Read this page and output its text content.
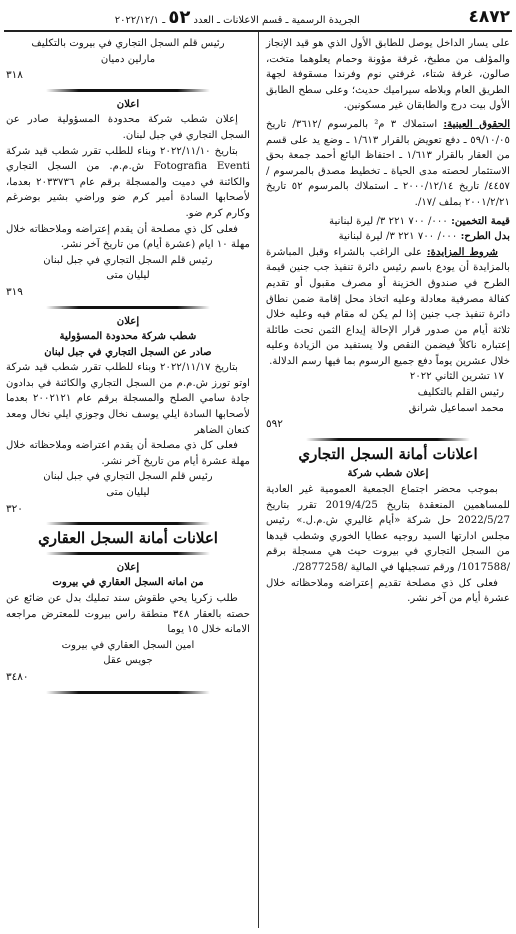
٤٨٧٢
الجريدة الرسمية ـ قسم الاعلانات ـ العدد ٥٢ ـ ٢٠٢٢/١٢/١

على يسار الداخل يوصل للطابق الأول الذي هو قيد الإنجاز والمؤلف من مطبخ، غرفة مؤونة وحمام يعلوهما متخت، صالون، غرفة شتاء، غرفتي نوم وفرندا مسقوفة لجهة الطريق العام وبلاطه سيراميك حديث؛ وعلى سطح الطابق الأول بيت درج والطابقان غير مسكونين.

الحقوق العينية: استملاك ٣ م² بالمرسوم /٣٦١٢/ تاريخ ٥٩/١٠/٠٥ ـ دفع تعويض بالقرار ١/٦١٣ ـ وضع يد على قسم من العقار بالقرار ١/٦١٣ ـ احتفاظ البائع أحمد جمعة بحق الاستثمار لحصته مدى الحياة ـ تخطيط مصدق بالمرسوم /٤٤٥٧/ تاريخ ٢٠٠٠/١٢/١٤ ـ استملاك بالمرسوم ٥٢ تاريخ ٢٠٠١/٢/٢١ بملف /١٧/.

قيمة التخمين: ٠٠٠/ ٧٠٠ ٢٢١ ٣/ ليرة لبنانية

بدل الطرح: ٠٠٠/ ٧٠٠ ٢٢١ ٣/ ليرة لبنانية

شروط المزايدة: على الراغب بالشراء وقبل المباشرة بالمزايدة أن يودع باسم رئيس دائرة تنفيذ جب جنين قيمة الطرح في صندوق الخزينة أو مصرف مقبول أو تقديم كفالة مصرفية معادلة وعليه اتخاذ محل إقامة ضمن نطاق دائرة تنفيذ جب جنين إذا لم يكن له مقام فيه وعليه خلال ثلاثة أيام من صدور قرار الإحالة إيداع الثمن تحت طائلة إعتباره ناكلاً فيضمن النقص ولا يستفيد من الزيادة وعليه خلال عشرين يوماً دفع جميع الرسوم بما فيها رسم الدلالة.

١٧ تشرين الثاني ٢٠٢٢

رئيس القلم بالتكليف

محمد اسماعيل شرانق

٥٩٢

اعلانات أمانة السجل التجاري

إعلان شطب شركة

بموجب محضر اجتماع الجمعية العمومية غير العادية للمساهمين المنعقدة بتاريخ 2019/4/25 تقرر بتاريخ 2022/5/27 حل شركة «أيام غاليري ش.م.ل.» رئيس مجلس ادارتها السيد روجيه عطايا الخوري وشطب قيدها من السجل التجاري في بيروت حيث هي مسجلة برقم /1017588/ ورقم تسجيلها في المالية /2877258/.

فعلى كل ذي مصلحة تقديم إعتراضه وملاحظاته خلال عشرة أيام من آخر نشر.

رئيس قلم السجل التجاري في بيروت بالتكليف

مارلين دميان

٣١٨

اعلان

إعلان شطب شركة محدودة المسؤولية صادر عن السجل التجاري في جبل لبنان.

بتاريخ ٢٠٢٢/١١/١٠ وبناء للطلب تقرر شطب قيد شركة Fotografia Eventi ش.م.م. من السجل التجاري والكائنة في دميت والمسجلة برقم عام ٢٠٣٣٧٣٦ بعدما، لأصحابها السادة أمير كرم ضو وراضي بشير بوضرغم وكارم كرم ضو.

فعلى كل ذي مصلحة أن يقدم إعتراضه وملاحظاته خلال مهلة ١٠ ايام (عشرة أيام) من تاريخ آخر نشر.

رئيس قلم السجل التجاري في جبل لبنان

ليليان متى

٣١٩

إعلان

شطب شركة محدودة المسؤولية

صادر عن السجل التجاري في جبل لبنان

بتاريخ ٢٠٢٢/١١/١٧ وبناء للطلب تقرر شطب قيد شركة اوتو تورز ش.م.م من السجل التجاري والكائنة في بدادون جادة سامي الصلح والمسجلة برقم عام ٢٠٠٢١٢١ بعدما لأصحابها السادة ايلي يوسف نخال وجوزي ايلي نخال ومعد كنعان الضاهر

فعلى كل ذي مصلحة أن يقدم اعتراضه وملاحظاته خلال مهلة عشرة أيام من تاريخ آخر نشر.

رئيس قلم السجل التجاري في جبل لبنان

ليليان متى

٣٢٠

اعلانات أمانة السجل العقاري

إعلان

من امانه السجل العقاري في بيروت

طلب زكريا يحي طقوش سند تمليك بدل عن ضائع عن حصته بالعقار ٣٤٨ منطقة راس بيروت للمعترض مراجعه الامانه خلال ١٥ يوما

امين السجل العقاري في بيروت

جويس عقل

٣٤٨٠
